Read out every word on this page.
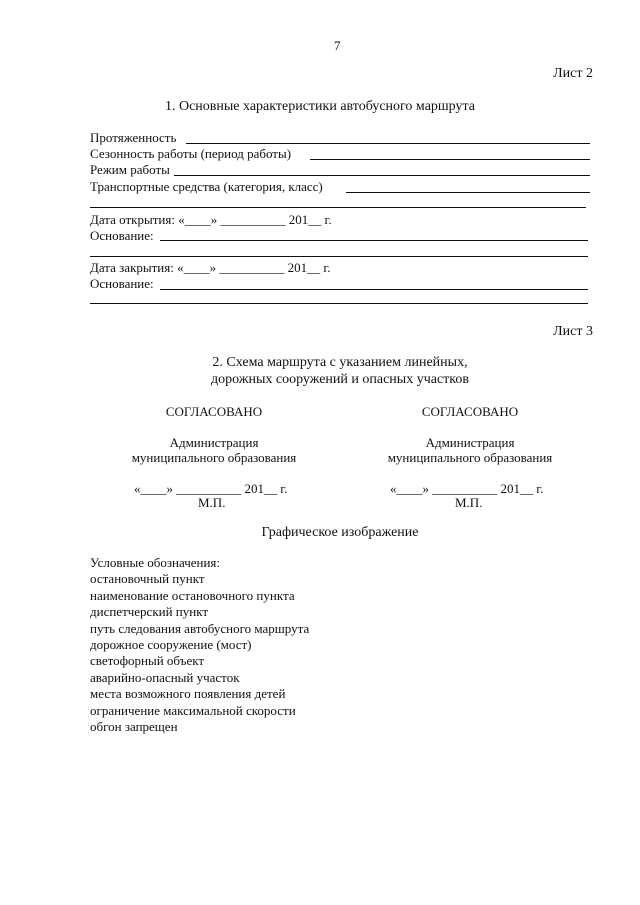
7
Лист 2
1. Основные характеристики автобусного маршрута
Протяженность
Сезонность работы (период работы)
Режим работы
Транспортные средства (категория, класс)
Дата открытия: «____» __________ 201__ г.
Основание:
Дата закрытия: «____» __________ 201__ г.
Основание:
Лист 3
2. Схема маршрута с указанием линейных,
дорожных сооружений и опасных участков
СОГЛАСОВАНО
Администрация
муниципального образования
«____» __________ 201__ г.
М.П.
СОГЛАСОВАНО
Администрация
муниципального образования
«____» __________ 201__ г.
М.П.
Графическое изображение
Условные обозначения:
остановочный пункт
наименование остановочного пункта
диспетчерский пункт
путь следования автобусного маршрута
дорожное сооружение (мост)
светофорный объект
аварийно-опасный участок
места возможного появления детей
ограничение максимальной скорости
обгон запрещен
